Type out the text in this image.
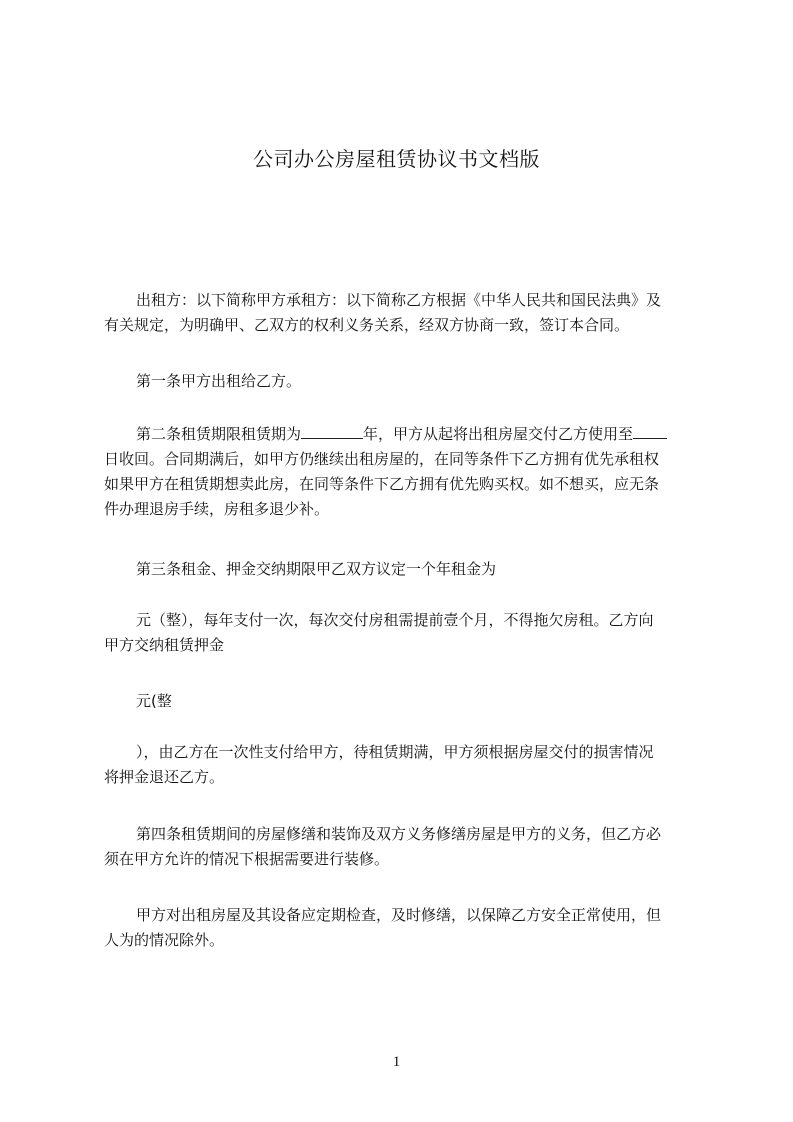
公司办公房屋租赁协议书文档版
出租方：以下简称甲方承租方：以下简称乙方根据《中华人民共和国民法典》及
有关规定，为明确甲、乙双方的权利义务关系，经双方协商一致，签订本合同。
第一条甲方出租给乙方。
第二条租赁期限租赁期为	年，甲方从起将出租房屋交付乙方使用至
日收回。合同期满后，如甲方仍继续出租房屋的，在同等条件下乙方拥有优先承租权
如果甲方在租赁期想卖此房，在同等条件下乙方拥有优先购买权。如不想买，应无条
件办理退房手续，房租多退少补。
第三条租金、押金交纳期限甲乙双方议定一个年租金为
元（整），每年支付一次，每次交付房租需提前壹个月，不得拖欠房租。乙方向
甲方交纳租赁押金
元(整
），由乙方在一次性支付给甲方，待租赁期满，甲方须根据房屋交付的损害情况
将押金退还乙方。
第四条租赁期间的房屋修缮和装饰及双方义务修缮房屋是甲方的义务，但乙方必
须在甲方允许的情况下根据需要进行装修。
甲方对出租房屋及其设备应定期检查，及时修缮，以保障乙方安全正常使用，但
人为的情况除外。
1
